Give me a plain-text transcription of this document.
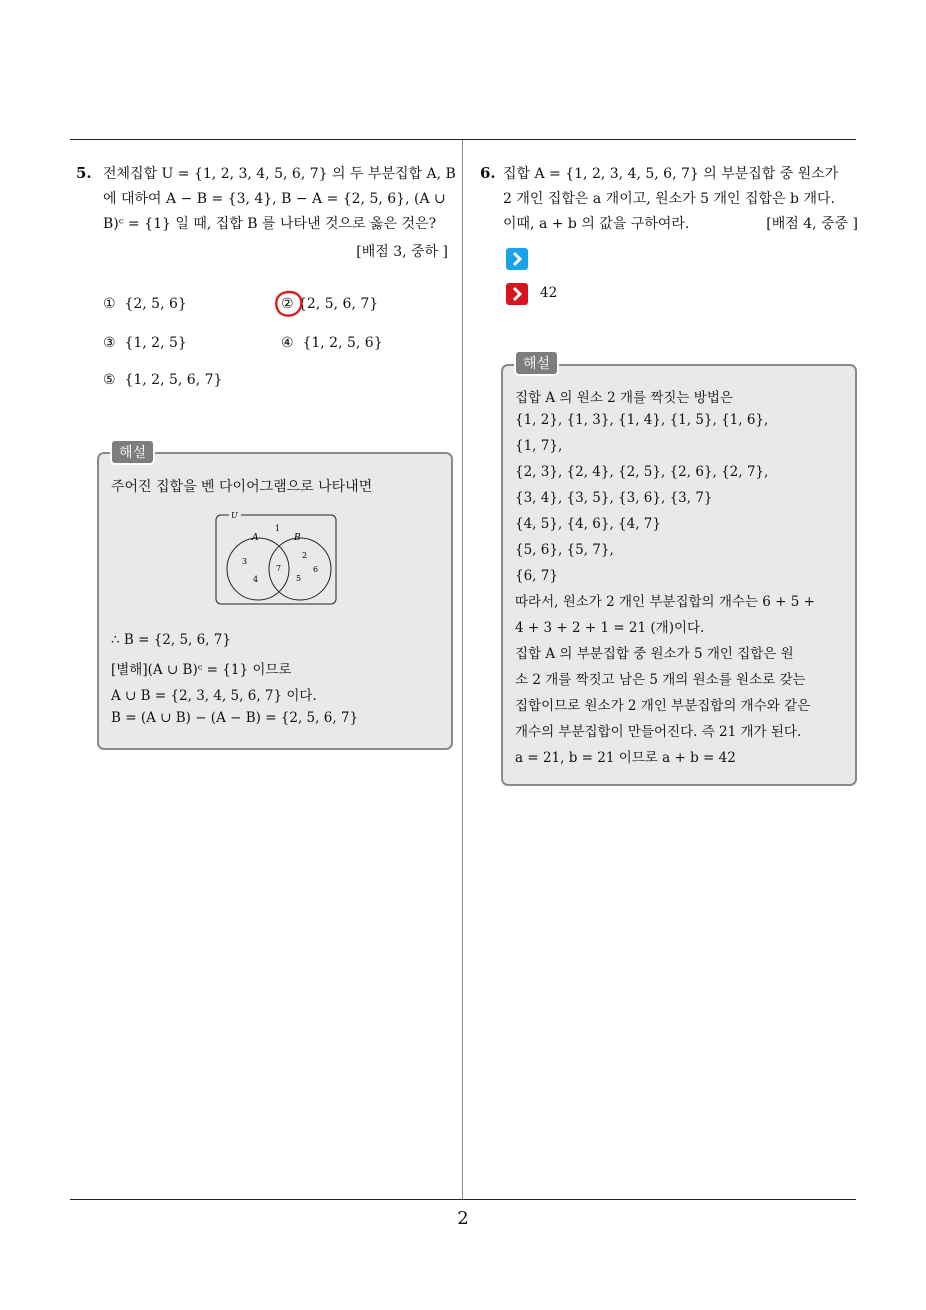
5. 전체집합 U = {1, 2, 3, 4, 5, 6, 7} 의 두 부분집합 A, B
에 대하여 A − B = {3, 4}, B − A = {2, 5, 6}, (A ∪
B)ᶜ = {1} 일 때, 집합 B 를 나타낸 것으로 옳은 것은?
[배점 3, 중하 ]
① {2, 5, 6}	② {2, 5, 6, 7}
③ {1, 2, 5}	④ {1, 2, 5, 6}
⑤ {1, 2, 5, 6, 7}
주어진 집합을 벤 다이어그램으로 나타내면
U
A	B
1
3
4
7
2
5
6
∴ B = {2, 5, 6, 7}
[별해](A ∪ B)ᶜ = {1} 이므로
A ∪ B = {2, 3, 4, 5, 6, 7} 이다.
B = (A ∪ B) − (A − B) = {2, 5, 6, 7}
해설
6. 집합 A = {1, 2, 3, 4, 5, 6, 7} 의 부분집합 중 원소가
2 개인 집합은 a 개이고, 원소가 5 개인 집합은 b 개다.
이때, a + b 의 값을 구하여라.	[배점 4, 중중 ]
42
집합 A 의 원소 2 개를 짝짓는 방법은
{1, 2}, {1, 3}, {1, 4}, {1, 5}, {1, 6},
{1, 7},
{2, 3}, {2, 4}, {2, 5}, {2, 6}, {2, 7},
{3, 4}, {3, 5}, {3, 6}, {3, 7}
{4, 5}, {4, 6}, {4, 7}
{5, 6}, {5, 7},
{6, 7}
따라서, 원소가 2 개인 부분집합의 개수는 6 + 5 +
4 + 3 + 2 + 1 = 21 (개)이다.
집합 A 의 부분집합 중 원소가 5 개인 집합은 원
소 2 개를 짝짓고 남은 5 개의 원소를 원소로 갖는
집합이므로 원소가 2 개인 부분집합의 개수와 같은
개수의 부분집합이 만들어진다. 즉 21 개가 된다.
a = 21, b = 21 이므로 a + b = 42
해설
2
